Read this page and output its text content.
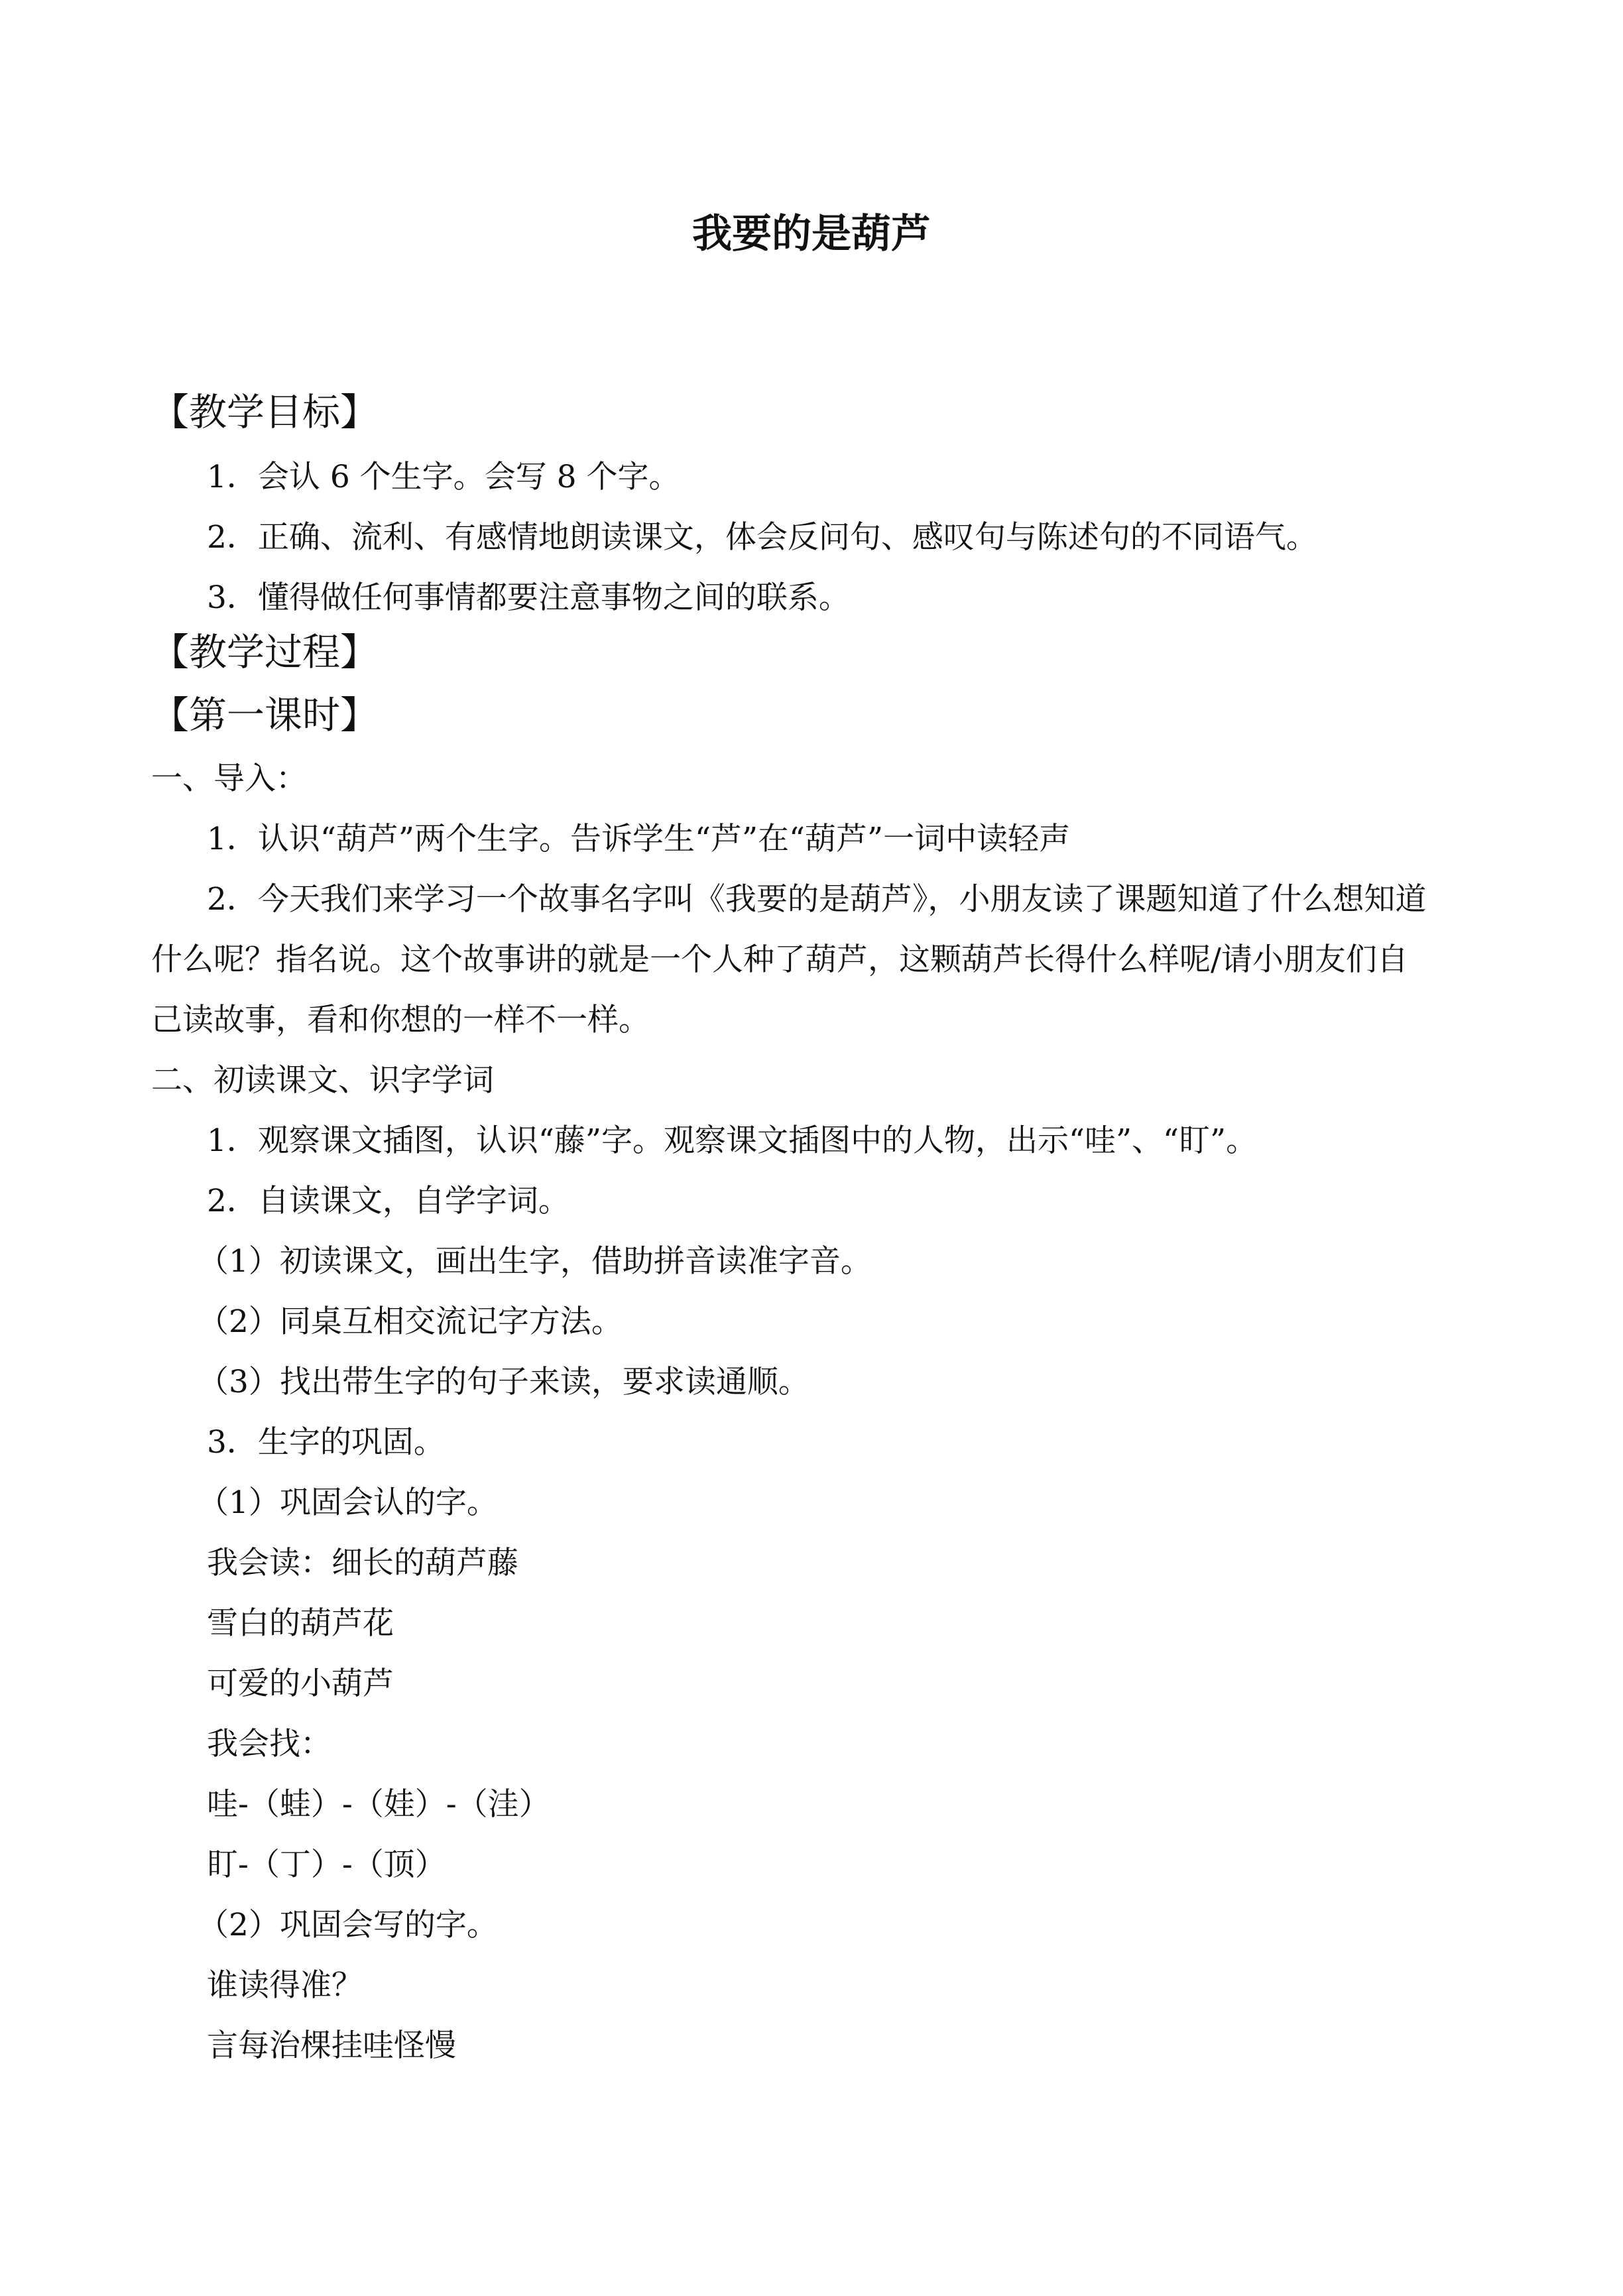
我要的是葫芦

【教学目标】

1．会认 6 个生字。会写 8 个字。

2．正确、流利、有感情地朗读课文，体会反问句、感叹句与陈述句的不同语气。

3．懂得做任何事情都要注意事物之间的联系。

【教学过程】

【第一课时】

一、导入：

1．认识“葫芦”两个生字。告诉学生“芦”在“葫芦”一词中读轻声

2．今天我们来学习一个故事名字叫《我要的是葫芦》，小朋友读了课题知道了什么想知道

什么呢？指名说。这个故事讲的就是一个人种了葫芦，这颗葫芦长得什么样呢/请小朋友们自

己读故事，看和你想的一样不一样。

二、初读课文、识字学词

1．观察课文插图，认识“藤”字。观察课文插图中的人物，出示“哇”、“盯”。

2．自读课文，自学字词。

（1）初读课文，画出生字，借助拼音读准字音。

（2）同桌互相交流记字方法。

（3）找出带生字的句子来读，要求读通顺。

3．生字的巩固。

（1）巩固会认的字。

我会读：细长的葫芦藤

雪白的葫芦花

可爱的小葫芦

我会找：

哇-（蛙）-（娃）-（洼）

盯-（丁）-（顶）

（2）巩固会写的字。

谁读得准？

言每治棵挂哇怪慢
